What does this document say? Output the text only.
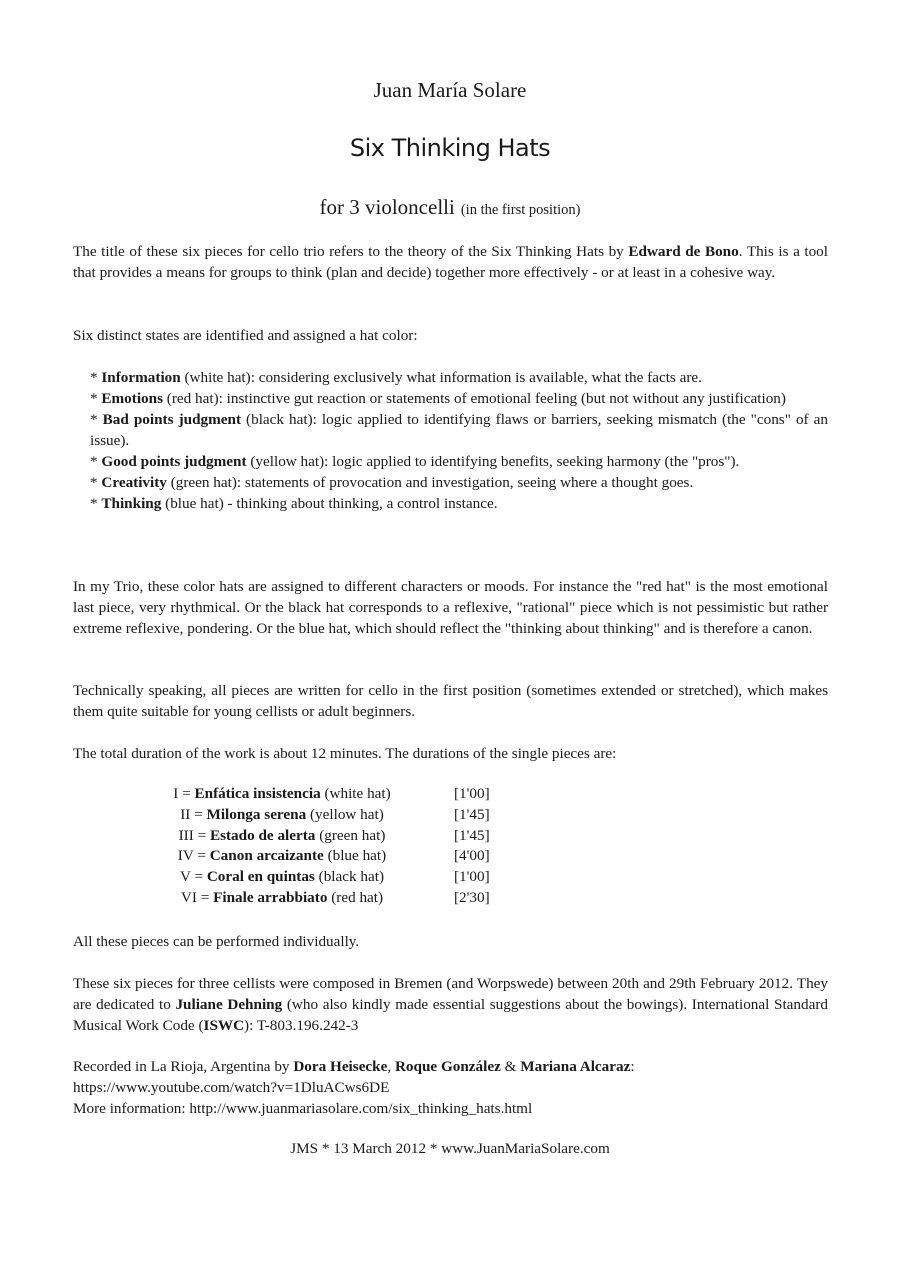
Juan María Solare
Six Thinking Hats
for 3 violoncelli (in the first position)

The title of these six pieces for cello trio refers to the theory of the Six Thinking Hats by Edward de Bono. This is a tool that provides a means for groups to think (plan and decide) together more effectively - or at least in a cohesive way.

Six distinct states are identified and assigned a hat color:

* Information (white hat): considering exclusively what information is available, what the facts are.
* Emotions (red hat): instinctive gut reaction or statements of emotional feeling (but not without any justification)
* Bad points judgment (black hat): logic applied to identifying flaws or barriers, seeking mismatch (the "cons" of an issue).
* Good points judgment (yellow hat): logic applied to identifying benefits, seeking harmony (the "pros").
* Creativity (green hat): statements of provocation and investigation, seeing where a thought goes.
* Thinking (blue hat) - thinking about thinking, a control instance.

In my Trio, these color hats are assigned to different characters or moods. For instance the "red hat" is the most emotional last piece, very rhythmical. Or the black hat corresponds to a reflexive, "rational" piece which is not pessimistic but rather extreme reflexive, pondering. Or the blue hat, which should reflect the "thinking about thinking" and is therefore a canon.

Technically speaking, all pieces are written for cello in the first position (sometimes extended or stretched), which makes them quite suitable for young cellists or adult beginners.

The total duration of the work is about 12 minutes. The durations of the single pieces are:

I = Enfática insistencia (white hat)	[1'00]
II = Milonga serena (yellow hat)	[1'45]
III = Estado de alerta (green hat)	[1'45]
IV = Canon arcaizante (blue hat)	[4'00]
V = Coral en quintas (black hat)	[1'00]
VI = Finale arrabbiato (red hat)	[2'30]

All these pieces can be performed individually.

These six pieces for three cellists were composed in Bremen (and Worpswede) between 20th and 29th February 2012. They are dedicated to Juliane Dehning (who also kindly made essential suggestions about the bowings). International Standard Musical Work Code (ISWC): T-803.196.242-3

Recorded in La Rioja, Argentina by Dora Heisecke, Roque González & Mariana Alcaraz:
https://www.youtube.com/watch?v=1DluACws6DE
More information: http://www.juanmariasolare.com/six_thinking_hats.html

JMS * 13 March 2012 * www.JuanMariaSolare.com
